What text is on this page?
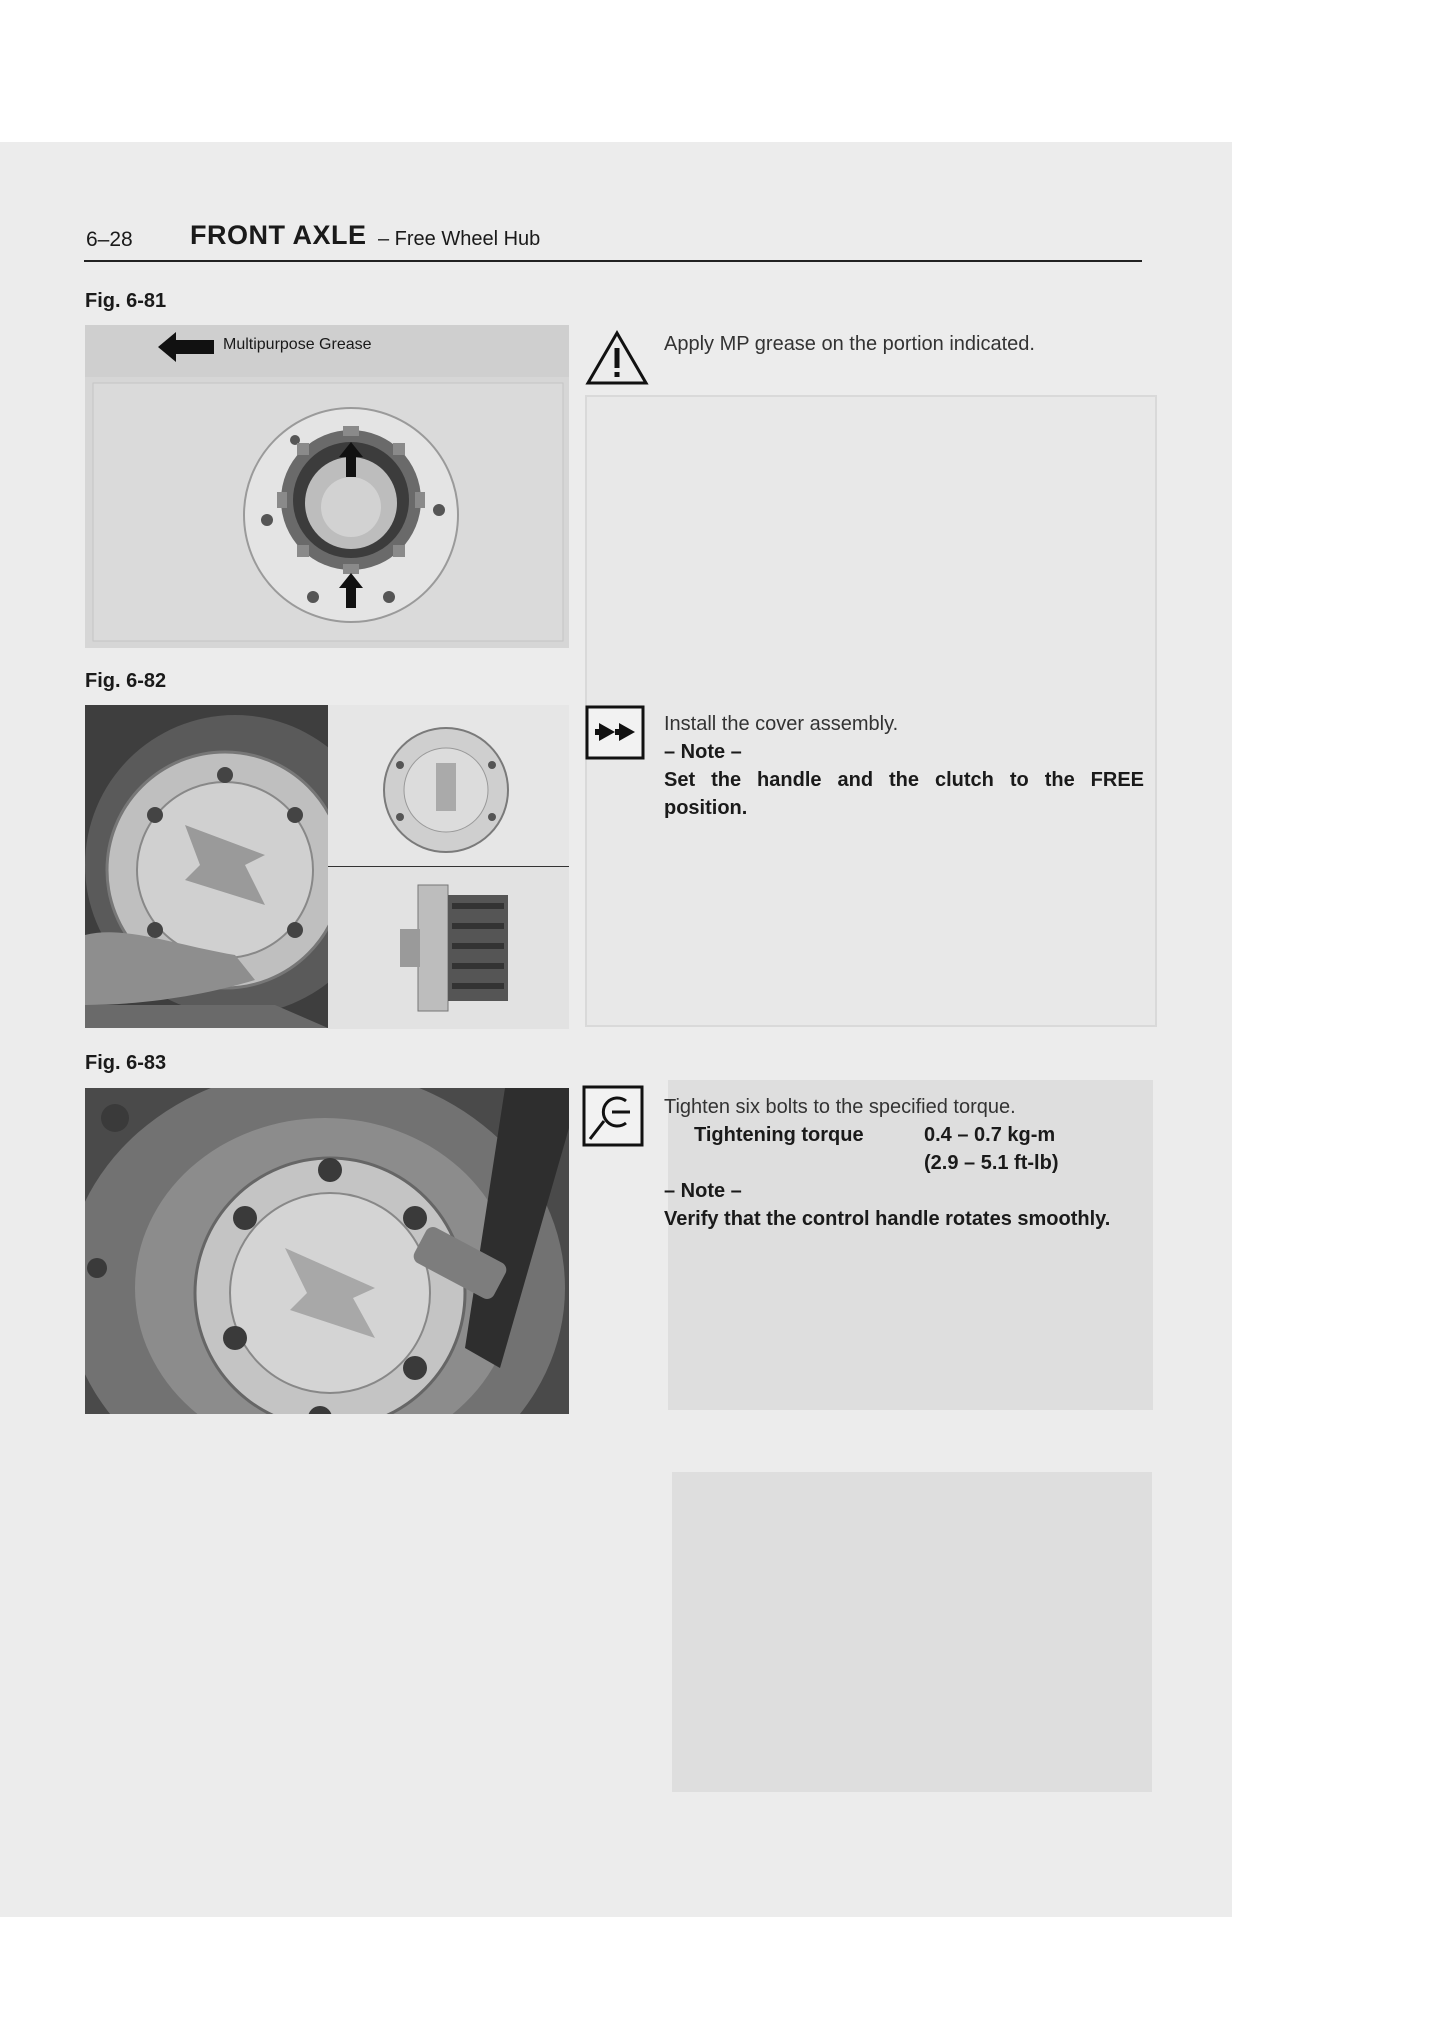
6–28 FRONT AXLE – Free Wheel Hub
Fig. 6-81
Multipurpose Grease	Apply MP grease on the portion indicated.
Fig. 6-82
Install the cover assembly.
– Note –
Set the handle and the clutch to the FREE position.
Fig. 6-83
Tighten six bolts to the specified torque.
Tightening torque	0.4 – 0.7 kg-m
(2.9 – 5.1 ft-lb)
– Note –
Verify that the control handle rotates smoothly.
